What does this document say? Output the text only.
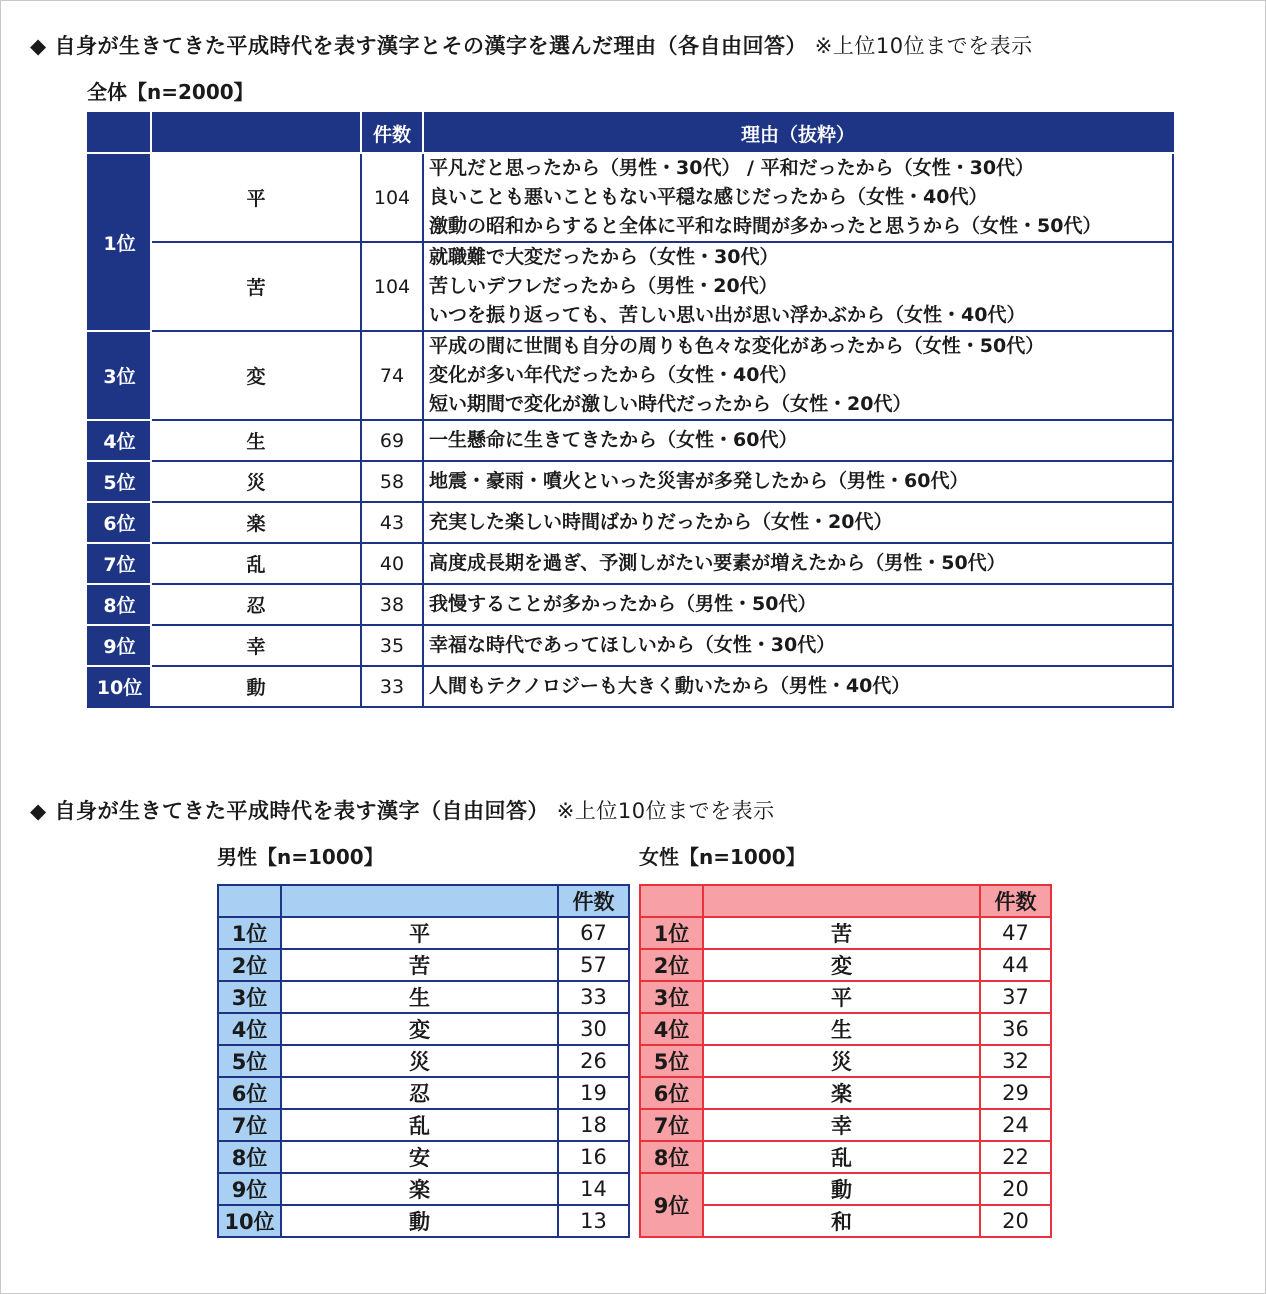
◆ 自身が生きてきた平成時代を表す漢字とその漢字を選んだ理由（各自由回答） ※上位10位までを表示
全体【n=2000】
		件数	理由（抜粋）
1位	平	104	平凡だと思ったから（男性・30代） / 平和だったから（女性・30代）
良いことも悪いこともない平穏な感じだったから（女性・40代）
激動の昭和からすると全体に平和な時間が多かったと思うから（女性・50代）

	苦	104	就職難で大変だったから（女性・30代）
苦しいデフレだったから（男性・20代）
いつを振り返っても、苦しい思い出が思い浮かぶから（女性・40代）

3位	変	74	平成の間に世間も自分の周りも色々な変化があったから（女性・50代）
変化が多い年代だったから（女性・40代）
短い期間で変化が激しい時代だったから（女性・20代）

4位	生	69	一生懸命に生きてきたから（女性・60代）

5位	災	58	地震・豪雨・噴火といった災害が多発したから（男性・60代）

6位	楽	43	充実した楽しい時間ばかりだったから（女性・20代）

7位	乱	40	高度成長期を過ぎ、予測しがたい要素が増えたから（男性・50代）

8位	忍	38	我慢することが多かったから（男性・50代）

9位	幸	35	幸福な時代であってほしいから（女性・30代）

10位	動	33	人間もテクノロジーも大きく動いたから（男性・40代）
◆ 自身が生きてきた平成時代を表す漢字（自由回答） ※上位10位までを表示
男性【n=1000】	女性【n=1000】
		件数
1位	平	67
2位	苦	57
3位	生	33
4位	変	30
5位	災	26
6位	忍	19
7位	乱	18
8位	安	16
9位	楽	14
10位	動	13
		件数
1位	苦	47
2位	変	44
3位	平	37
4位	生	36
5位	災	32
6位	楽	29
7位	幸	24
8位	乱	22
9位	動	20
	和	20
